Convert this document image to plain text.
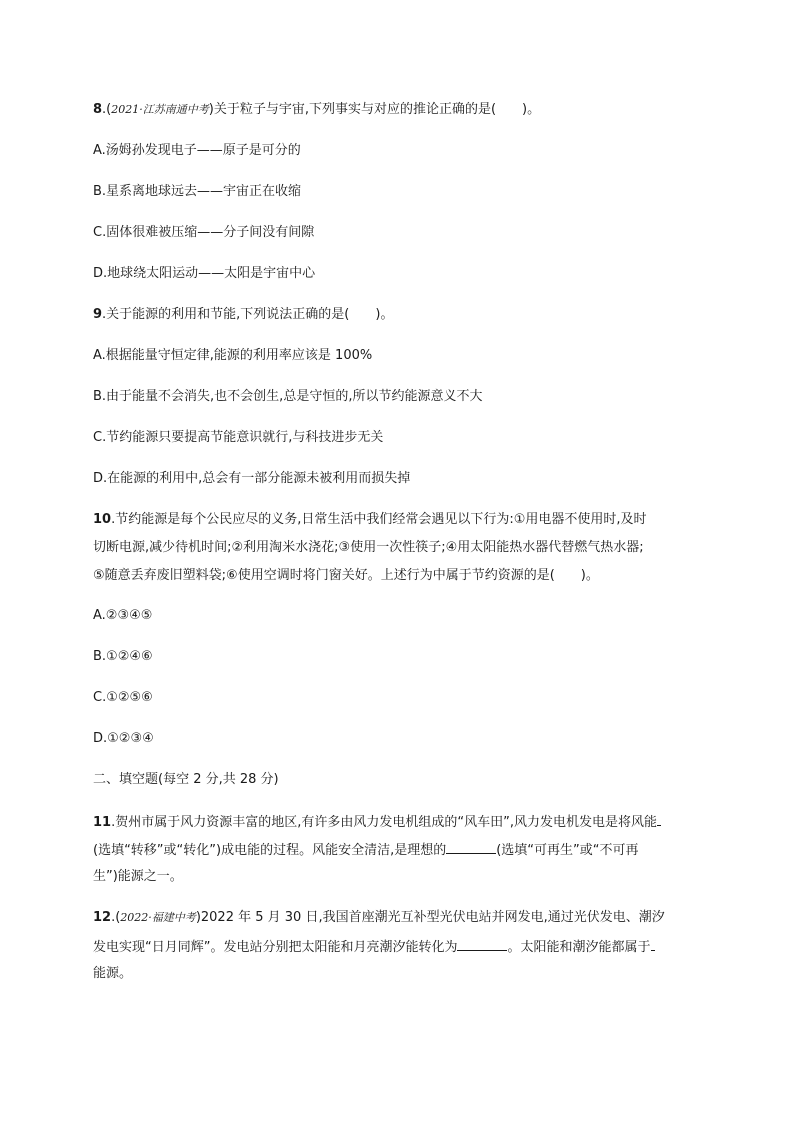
8.(2021·江苏南通中考)关于粒子与宇宙,下列事实与对应的推论正确的是(　　)。
A.汤姆孙发现电子——原子是可分的
B.星系离地球远去——宇宙正在收缩
C.固体很难被压缩——分子间没有间隙
D.地球绕太阳运动——太阳是宇宙中心
9.关于能源的利用和节能,下列说法正确的是(　　)。
A.根据能量守恒定律,能源的利用率应该是 100%
B.由于能量不会消失,也不会创生,总是守恒的,所以节约能源意义不大
C.节约能源只要提高节能意识就行,与科技进步无关
D.在能源的利用中,总会有一部分能源未被利用而损失掉
10.节约能源是每个公民应尽的义务,日常生活中我们经常会遇见以下行为:①用电器不使用时,及时
切断电源,减少待机时间;②利用淘米水浇花;③使用一次性筷子;④用太阳能热水器代替燃气热水器;
⑤随意丢弃废旧塑料袋;⑥使用空调时将门窗关好。上述行为中属于节约资源的是(　　)。
A.②③④⑤
B.①②④⑥
C.①②⑤⑥
D.①②③④
二、填空题(每空 2 分,共 28 分)
11.贺州市属于风力资源丰富的地区,有许多由风力发电机组成的“风车田”,风力发电机发电是将风能
(选填“转移”或“转化”)成电能的过程。风能安全清洁,是理想的	(选填“可再生”或“不可再
生”)能源之一。
12.(2022·福建中考)2022 年 5 月 30 日,我国首座潮光互补型光伏电站并网发电,通过光伏发电、潮汐
发电实现“日月同辉”。发电站分别把太阳能和月亮潮汐能转化为	。太阳能和潮汐能都属于
能源。
